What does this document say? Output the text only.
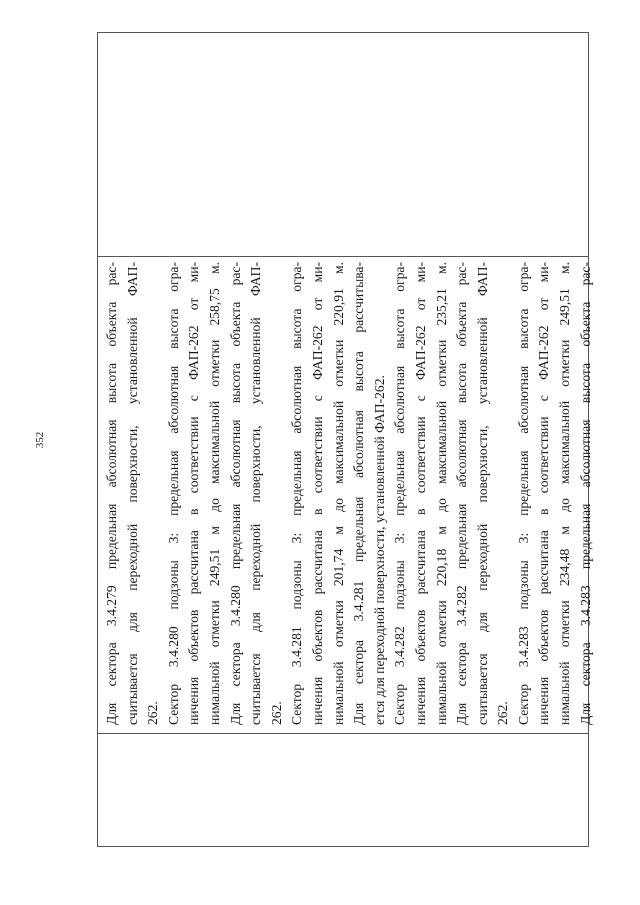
352	Для сектора 3.4.279 предельная абсолютная высота объекта рас- считывается для переходной поверхности, установленной ФАП- 262. Сектор 3.4.280 подзоны 3: предельная абсолютная высота огра- ничения объектов рассчитана в соответствии с ФАП-262 от ми- нимальной отметки 249,51 м до максимальной отметки 258,75 м. Для сектора 3.4.280 предельная абсолютная высота объекта рас- считывается для переходной поверхности, установленной ФАП- 262. Сектор 3.4.281 подзоны 3: предельная абсолютная высота огра- ничения объектов рассчитана в соответствии с ФАП-262 от ми- нимальной отметки 201,74 м до максимальной отметки 220,91 м. Для сектора 3.4.281 предельная абсолютная высота рассчитыва- ется для переходной поверхности, установленной ФАП-262. Сектор 3.4.282 подзоны 3: предельная абсолютная высота огра- ничения объектов рассчитана в соответствии с ФАП-262 от ми- нимальной отметки 220,18 м до максимальной отметки 235,21 м. Для сектора 3.4.282 предельная абсолютная высота объекта рас- считывается для переходной поверхности, установленной ФАП- 262. Сектор 3.4.283 подзоны 3: предельная абсолютная высота огра- ничения объектов рассчитана в соответствии с ФАП-262 от ми- нимальной отметки 234,48 м до максимальной отметки 249,51 м. Для сектора 3.4.283 предельная абсолютная высота объекта рас-
